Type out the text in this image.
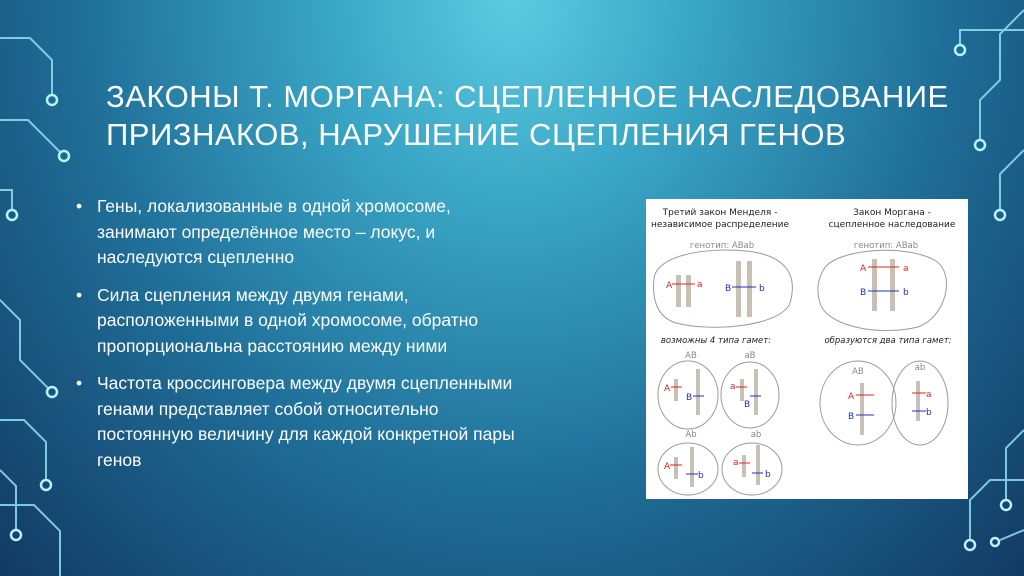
ЗАКОНЫ Т. МОРГАНА: СЦЕПЛЕННОЕ НАСЛЕДОВАНИЕ
ПРИЗНАКОВ, НАРУШЕНИЕ СЦЕПЛЕНИЯ ГЕНОВ
• Гены, локализованные в одной хромосоме,
занимают определённое место – локус, и
наследуются сцепленно
• Сила сцепления между двумя генами,
расположенными в одной хромосоме, обратно
пропорциональна расстоянию между ними
• Частота кроссинговера между двумя сцепленными
генами представляет собой относительно
постоянную величину для каждой конкретной пары
генов
Третий закон Менделя -
независимое распределение
Закон Моргана -
сцепленное наследование
генотип: AВab	генотип: AВab
A	a B	b
A	a
B	b
возможны 4 типа гамет:	образуются два типа гамет:
AB	aB
Ab	ab
A
B
a
B
A
b
a
b
AB	ab
A
B
a
b
